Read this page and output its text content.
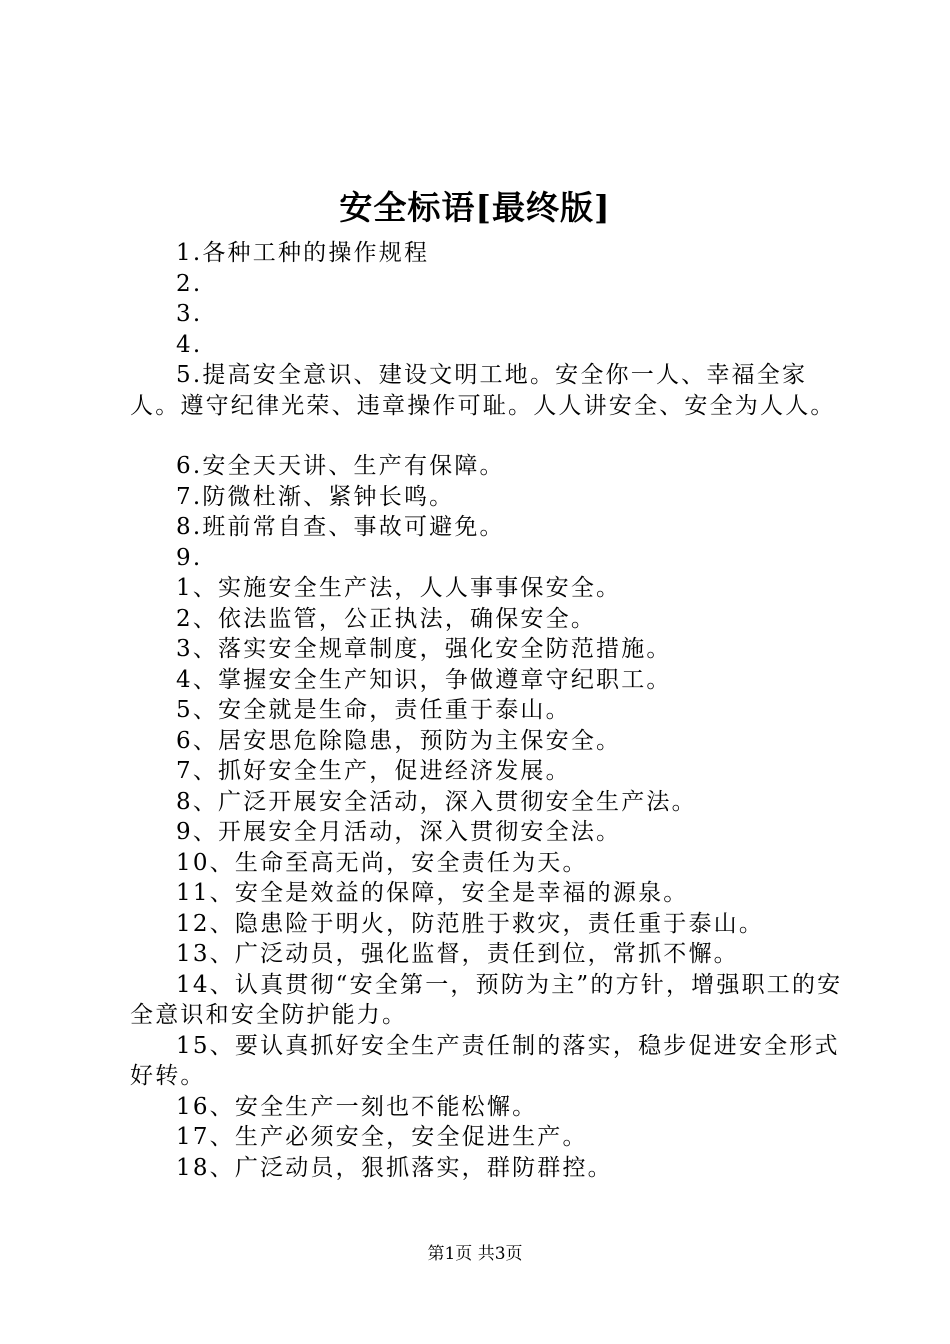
安全标语[最终版]

1.各种工种的操作规程

2.

3.

4.

5.提高安全意识、建设文明工地。安全你一人、幸福全家人。遵守纪律光荣、违章操作可耻。人人讲安全、安全为人人。

6.安全天天讲、生产有保障。

7.防微杜渐、紧钟长鸣。

8.班前常自查、事故可避免。

9.

1、实施安全生产法，人人事事保安全。

2、依法监管，公正执法，确保安全。

3、落实安全规章制度，强化安全防范措施。

4、掌握安全生产知识，争做遵章守纪职工。

5、安全就是生命，责任重于泰山。

6、居安思危除隐患，预防为主保安全。

7、抓好安全生产，促进经济发展。

8、广泛开展安全活动，深入贯彻安全生产法。

9、开展安全月活动，深入贯彻安全法。

10、生命至高无尚，安全责任为天。

11、安全是效益的保障，安全是幸福的源泉。

12、隐患险于明火，防范胜于救灾，责任重于泰山。

13、广泛动员，强化监督，责任到位，常抓不懈。

14、认真贯彻“安全第一，预防为主”的方针，增强职工的安全意识和安全防护能力。

15、要认真抓好安全生产责任制的落实，稳步促进安全形式好转。

16、安全生产一刻也不能松懈。

17、生产必须安全，安全促进生产。

18、广泛动员，狠抓落实，群防群控。

第1页 共3页
